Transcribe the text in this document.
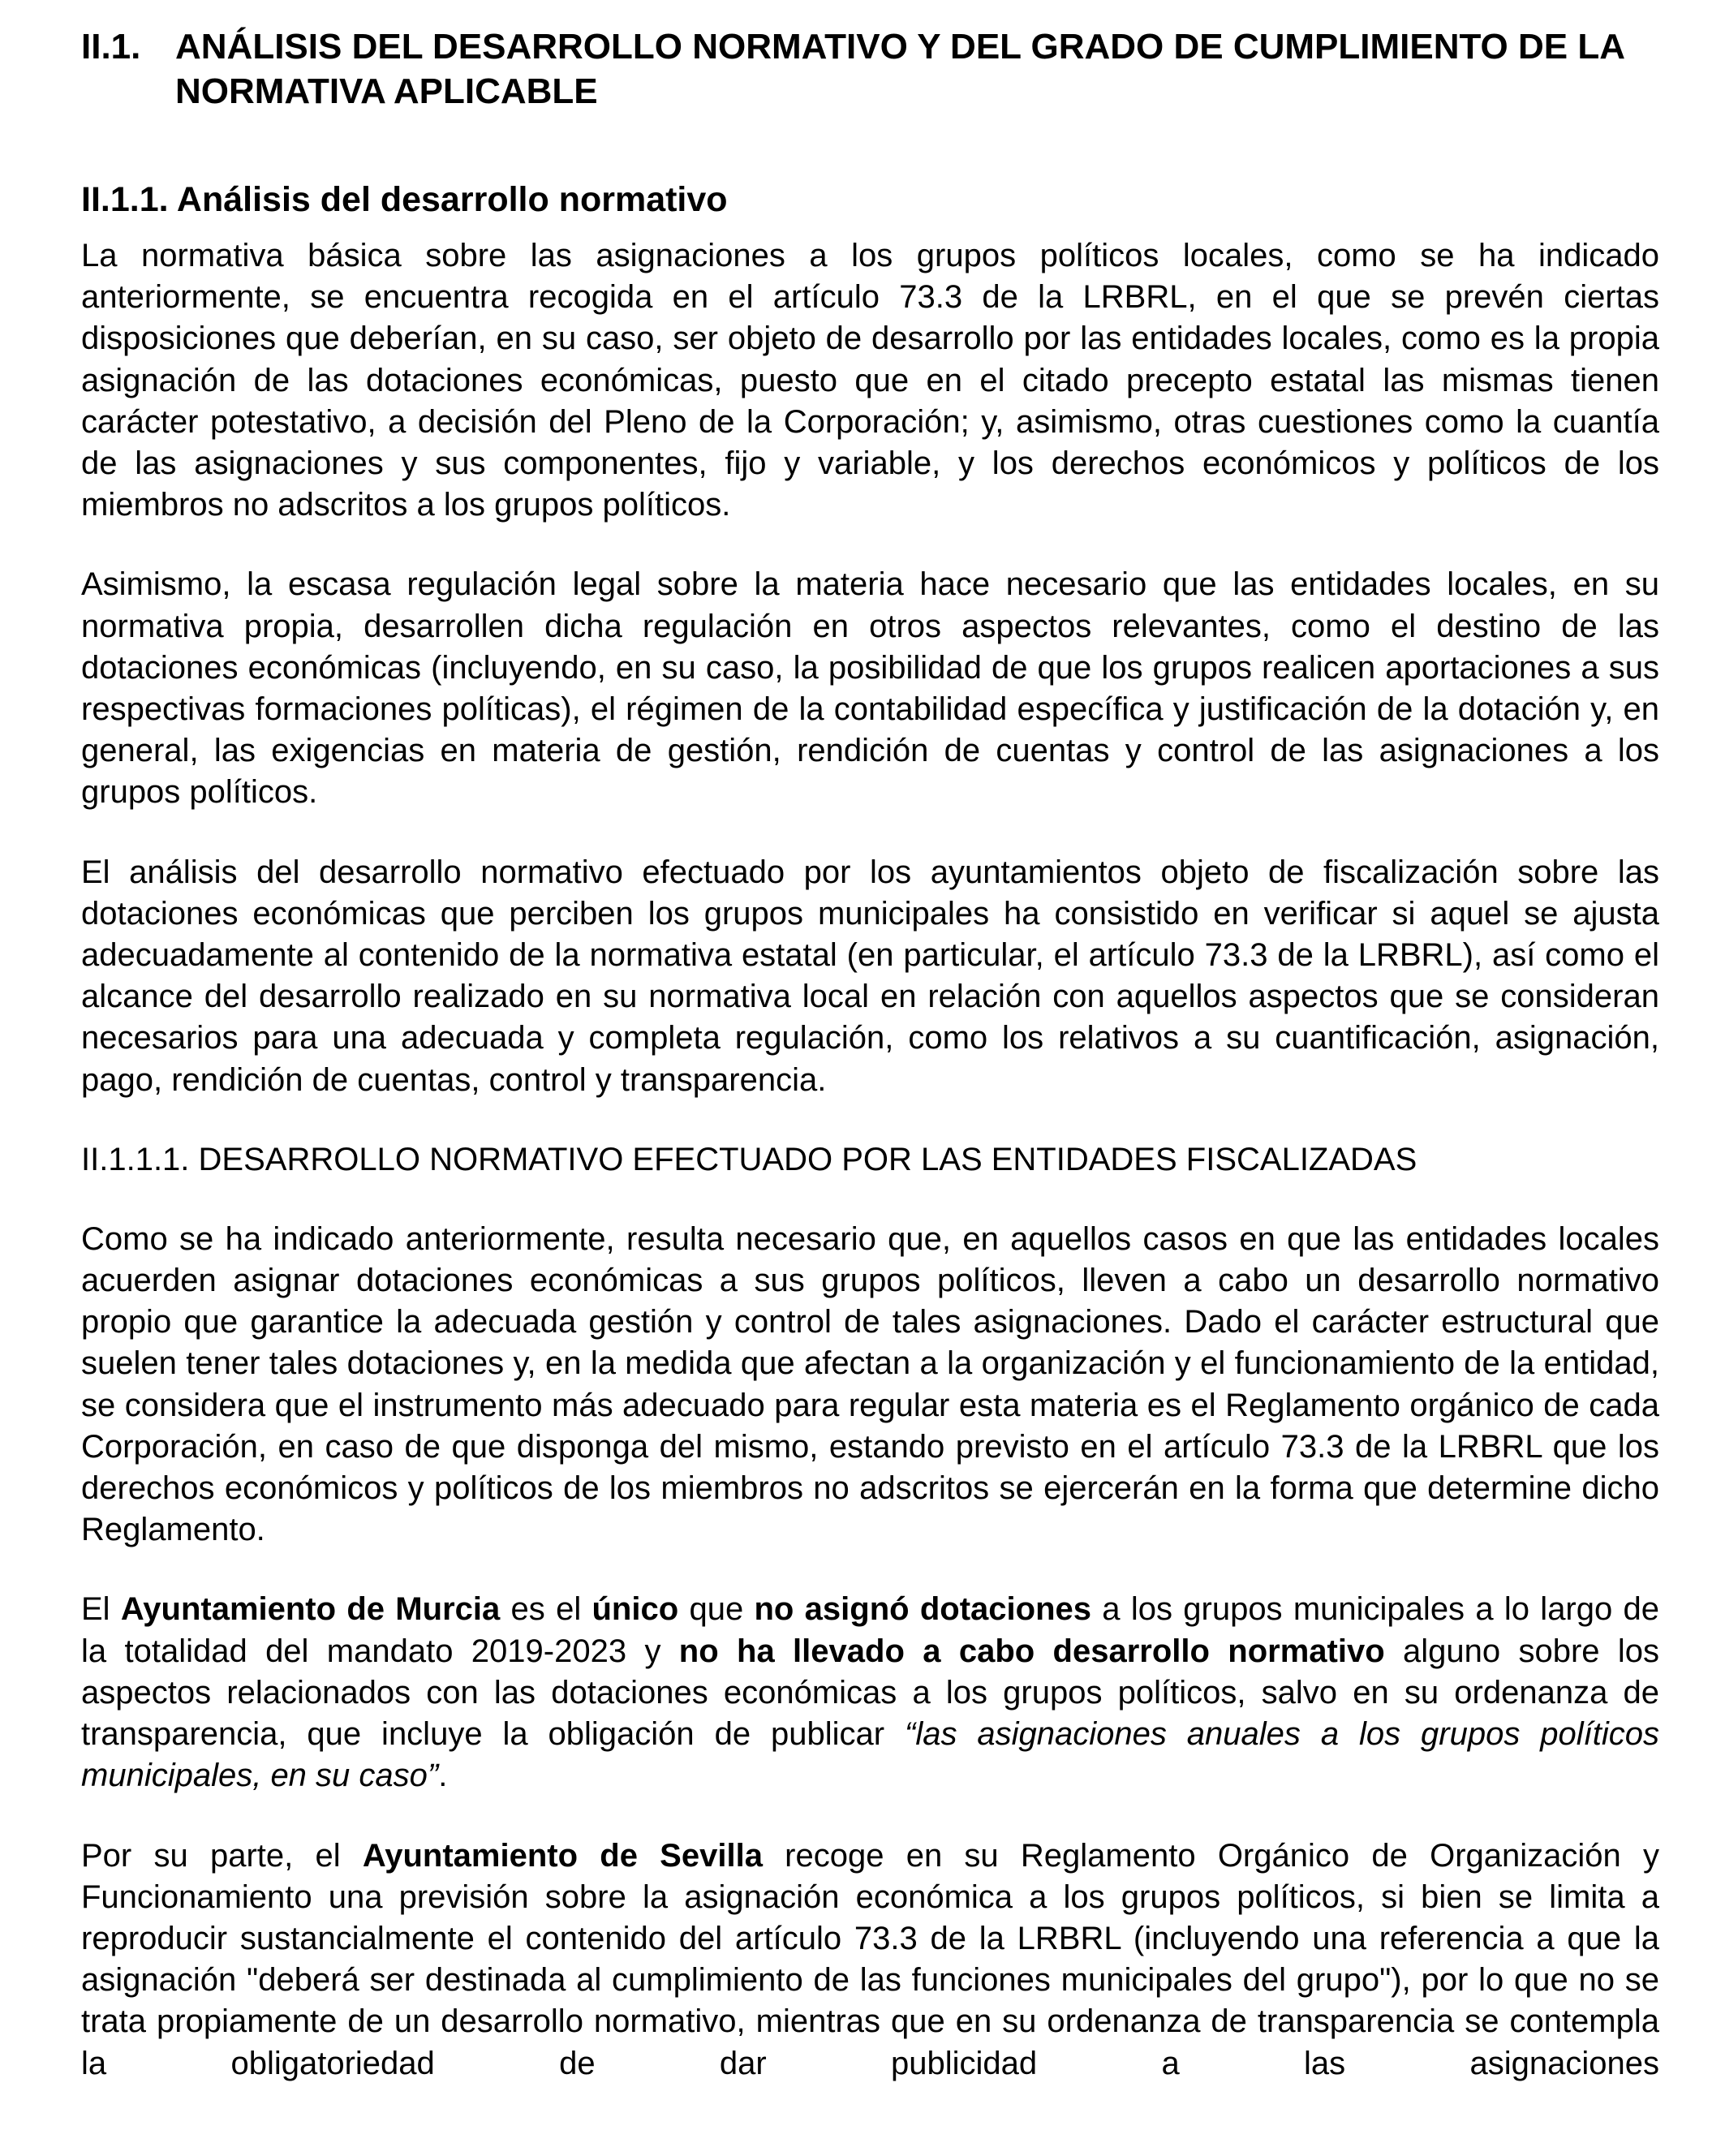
II.1. ANÁLISIS DEL DESARROLLO NORMATIVO Y DEL GRADO DE CUMPLIMIENTO DE LA NORMATIVA APLICABLE
II.1.1. Análisis del desarrollo normativo

La normativa básica sobre las asignaciones a los grupos políticos locales, como se ha indicado anteriormente, se encuentra recogida en el artículo 73.3 de la LRBRL, en el que se prevén ciertas disposiciones que deberían, en su caso, ser objeto de desarrollo por las entidades locales, como es la propia asignación de las dotaciones económicas, puesto que en el citado precepto estatal las mismas tienen carácter potestativo, a decisión del Pleno de la Corporación; y, asimismo, otras cuestiones como la cuantía de las asignaciones y sus componentes, fijo y variable, y los derechos económicos y políticos de los miembros no adscritos a los grupos políticos.

Asimismo, la escasa regulación legal sobre la materia hace necesario que las entidades locales, en su normativa propia, desarrollen dicha regulación en otros aspectos relevantes, como el destino de las dotaciones económicas (incluyendo, en su caso, la posibilidad de que los grupos realicen aportaciones a sus respectivas formaciones políticas), el régimen de la contabilidad específica y justificación de la dotación y, en general, las exigencias en materia de gestión, rendición de cuentas y control de las asignaciones a los grupos políticos.

El análisis del desarrollo normativo efectuado por los ayuntamientos objeto de fiscalización sobre las dotaciones económicas que perciben los grupos municipales ha consistido en verificar si aquel se ajusta adecuadamente al contenido de la normativa estatal (en particular, el artículo 73.3 de la LRBRL), así como el alcance del desarrollo realizado en su normativa local en relación con aquellos aspectos que se consideran necesarios para una adecuada y completa regulación, como los relativos a su cuantificación, asignación, pago, rendición de cuentas, control y transparencia.

II.1.1.1. DESARROLLO NORMATIVO EFECTUADO POR LAS ENTIDADES FISCALIZADAS

Como se ha indicado anteriormente, resulta necesario que, en aquellos casos en que las entidades locales acuerden asignar dotaciones económicas a sus grupos políticos, lleven a cabo un desarrollo normativo propio que garantice la adecuada gestión y control de tales asignaciones. Dado el carácter estructural que suelen tener tales dotaciones y, en la medida que afectan a la organización y el funcionamiento de la entidad, se considera que el instrumento más adecuado para regular esta materia es el Reglamento orgánico de cada Corporación, en caso de que disponga del mismo, estando previsto en el artículo 73.3 de la LRBRL que los derechos económicos y políticos de los miembros no adscritos se ejercerán en la forma que determine dicho Reglamento.

El Ayuntamiento de Murcia es el único que no asignó dotaciones a los grupos municipales a lo largo de la totalidad del mandato 2019-2023 y no ha llevado a cabo desarrollo normativo alguno sobre los aspectos relacionados con las dotaciones económicas a los grupos políticos, salvo en su ordenanza de transparencia, que incluye la obligación de publicar “las asignaciones anuales a los grupos políticos municipales, en su caso”.

Por su parte, el Ayuntamiento de Sevilla recoge en su Reglamento Orgánico de Organización y Funcionamiento una previsión sobre la asignación económica a los grupos políticos, si bien se limita a reproducir sustancialmente el contenido del artículo 73.3 de la LRBRL (incluyendo una referencia a que la asignación "deberá ser destinada al cumplimiento de las funciones municipales del grupo"), por lo que no se trata propiamente de un desarrollo normativo, mientras que en su ordenanza de transparencia se contempla la obligatoriedad de dar publicidad a las asignaciones
